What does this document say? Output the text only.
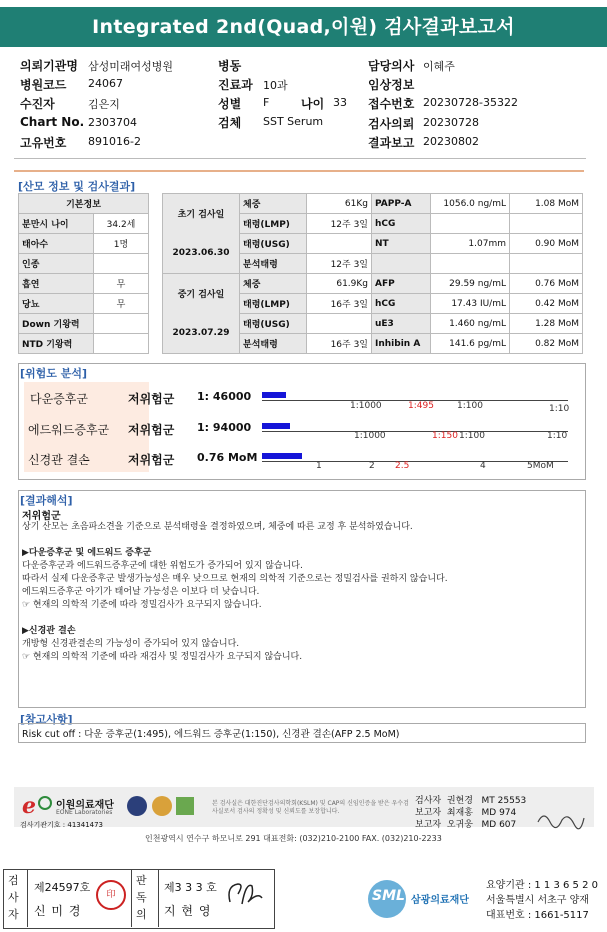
Integrated 2nd(Quad,이원) 검사결과보고서
의뢰기관명 삼성미래여성병원
병원코드 24067
수진자	김은지
Chart No. 2303704
고유번호 891016-2
병동
진료과 10과
성별 F	나이 33
검체 SST Serum
담당의사 이혜주
임상정보
접수번호 20230728-35322
검사의뢰 20230728
결과보고 20230802
[산모 정보 및 검사결과]
기본정보	
분만시 나이	34.2세
태아수	1명
인종	
흡연	무
당뇨	무
Down 기왕력	
NTD 기왕력	
초기 검사일	체중	61Kg	PAPP-A	1056.0 ng/mL	1.08 MoM
	태령(LMP)	12주 3일	hCG		
2023.06.30	태령(USG)		NT	1.07mm	0.90 MoM
	분석태령	12주 3일			
중기 검사일	체중	61.9Kg	AFP	29.59 ng/mL	0.76 MoM
	태령(LMP)	16주 3일	hCG	17.43 IU/mL	0.42 MoM
2023.07.29	태령(USG)		uE3	1.460 ng/mL	1.28 MoM
	분석태령	16주 3일	Inhibin A	141.6 pg/mL	0.82 MoM
[위험도 분석]
다운증후군	저위험군 1: 46000
1:1000	1:495	1:100	1:10
에드워드증후군 저위험군 1: 94000
1:1000	1:150 1:100	1:10
신경관 결손	저위험군 0.76 MoM
1	2 2.5	4	5MoM
[결과해석]
저위험군
상기 산모는 초음파소견을 기준으로 분석태령을 결정하였으며, 체중에 따른 교정 후 분석하였습니다.
▶다운증후군 및 에드워드 증후군
다운증후군과 에드워드증후군에 대한 위험도가 증가되어 있지 않습니다.
따라서 실제 다운증후군 발생가능성은 매우 낮으므로 현재의 의학적 기준으로는 정밀검사를 권하지 않습니다.
에드워드증후군 아기가 태어날 가능성은 이보다 더 낮습니다.
☞ 현재의 의학적 기준에 따라 정밀검사가 요구되지 않습니다.
▶신경관 결손
개방형 신경관결손의 가능성이 증가되어 있지 않습니다.
☞ 현재의 의학적 기준에 따라 재검사 및 정밀검사가 요구되지 않습니다.
[참고사항]
Risk cut off : 다운 증후군(1:495), 에드워드 증후군(1:150), 신경관 결손(AFP 2.5 MoM)
e 이원의료재단
EONE Laboratories
검사기관기호 : 41341473
본 검사실은 대한진단검사의학회(KSLM) 및 CAP의 신임인증을 받은 우수검사실로서 검사의 정확성 및 신뢰도를 보장합니다.
검사자 권현경 MT 25553
보고자 최재홍 MD 974
보고자 오귀웅 MD 607
인천광역시 연수구 하모니로 291 대표전화: (032)210-2100 FAX. (032)210-2233
검사자
판독의
제24597호
신 미 경
印
제3 3 3 호
지 현 영
SML 삼광의료재단
요양기관 : 1 1 3 6 5 2 0
서울특별시 서초구 양재
대표번호 : 1661-5117
